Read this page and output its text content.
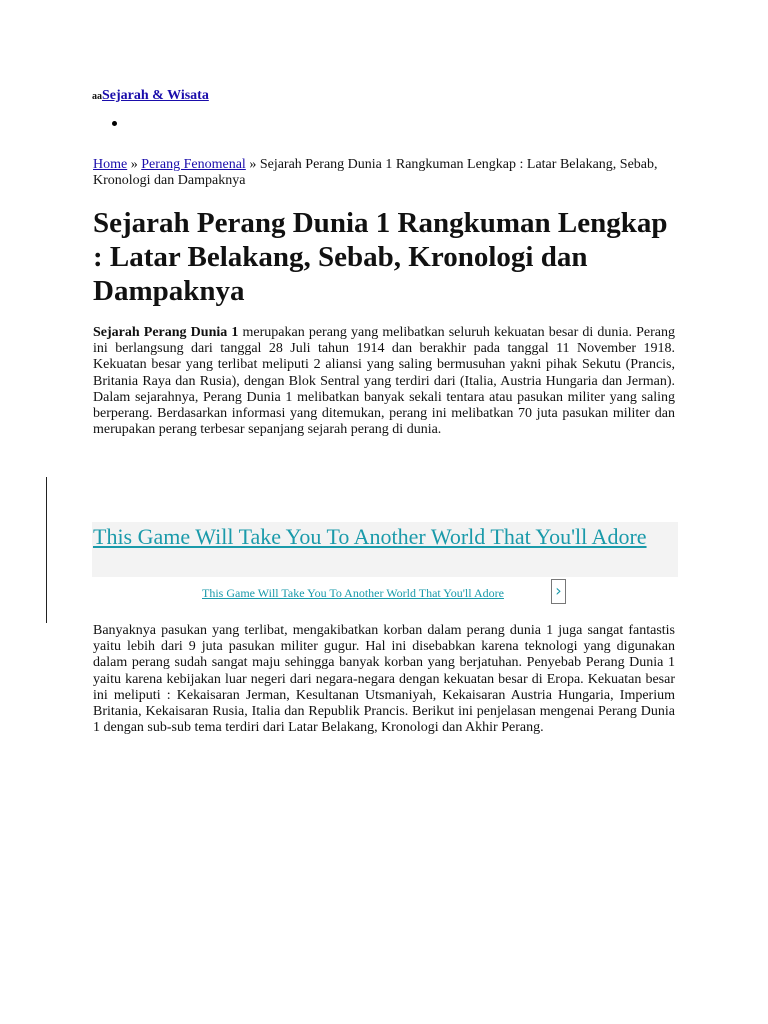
aaSejarah & Wisata
Home » Perang Fenomenal » Sejarah Perang Dunia 1 Rangkuman Lengkap : Latar Belakang, Sebab, Kronologi dan Dampaknya
Sejarah Perang Dunia 1 Rangkuman Lengkap : Latar Belakang, Sebab, Kronologi dan Dampaknya

Sejarah Perang Dunia 1 merupakan perang yang melibatkan seluruh kekuatan besar di dunia. Perang ini berlangsung dari tanggal 28 Juli tahun 1914 dan berakhir pada tanggal 11 November 1918. Kekuatan besar yang terlibat meliputi 2 aliansi yang saling bermusuhan yakni pihak Sekutu (Prancis, Britania Raya dan Rusia), dengan Blok Sentral yang terdiri dari (Italia, Austria Hungaria dan Jerman). Dalam sejarahnya, Perang Dunia 1 melibatkan banyak sekali tentara atau pasukan militer yang saling berperang. Berdasarkan informasi yang ditemukan, perang ini melibatkan 70 juta pasukan militer dan merupakan perang terbesar sepanjang sejarah perang di dunia.

This Game Will Take You To Another World That You'll Adore
This Game Will Take You To Another World That You'll Adore	›

Banyaknya pasukan yang terlibat, mengakibatkan korban dalam perang dunia 1 juga sangat fantastis yaitu lebih dari 9 juta pasukan militer gugur. Hal ini disebabkan karena teknologi yang digunakan dalam perang sudah sangat maju sehingga banyak korban yang berjatuhan. Penyebab Perang Dunia 1 yaitu karena kebijakan luar negeri dari negara-negara dengan kekuatan besar di Eropa. Kekuatan besar ini meliputi : Kekaisaran Jerman, Kesultanan Utsmaniyah, Kekaisaran Austria Hungaria, Imperium Britania, Kekaisaran Rusia, Italia dan Republik Prancis. Berikut ini penjelasan mengenai Perang Dunia 1 dengan sub-sub tema terdiri dari Latar Belakang, Kronologi dan Akhir Perang.
